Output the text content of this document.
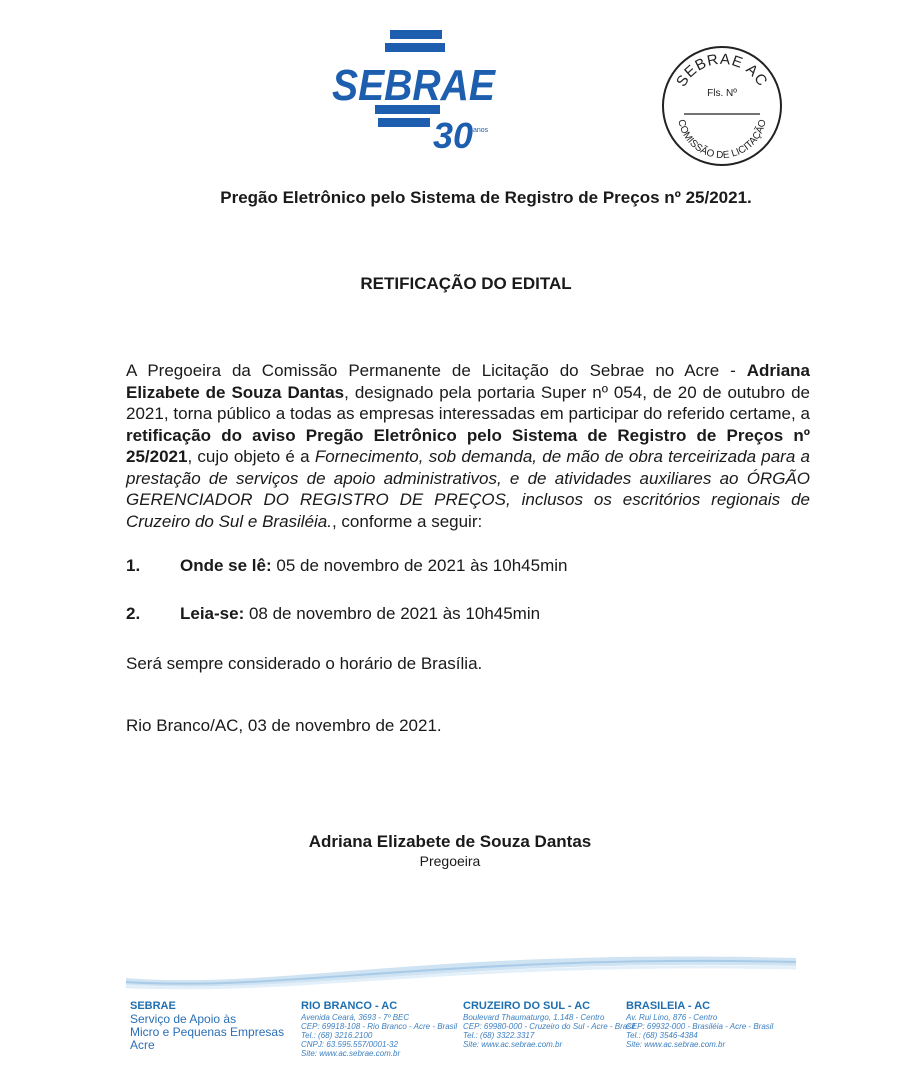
SEBRAE
30 anos
SEBRAE AC
Fls. Nº
COMISSÃO DE LICITAÇÃO
Pregão Eletrônico pelo Sistema de Registro de Preços nº 25/2021.
RETIFICAÇÃO DO EDITAL
A Pregoeira da Comissão Permanente de Licitação do Sebrae no Acre - Adriana Elizabete de Souza Dantas, designado pela portaria Super nº 054, de 20 de outubro de 2021, torna público a todas as empresas interessadas em participar do referido certame, a retificação do aviso Pregão Eletrônico pelo Sistema de Registro de Preços nº 25/2021, cujo objeto é a Fornecimento, sob demanda, de mão de obra terceirizada para a prestação de serviços de apoio administrativos, e de atividades auxiliares ao ÓRGÃO GERENCIADOR DO REGISTRO DE PREÇOS, inclusos os escritórios regionais de Cruzeiro do Sul e Brasiléia., conforme a seguir:
1. Onde se lê: 05 de novembro de 2021 às 10h45min
2. Leia-se: 08 de novembro de 2021 às 10h45min
Será sempre considerado o horário de Brasília.
Rio Branco/AC, 03 de novembro de 2021.
Adriana Elizabete de Souza Dantas
Pregoeira
SEBRAE
Serviço de Apoio às
Micro e Pequenas Empresas
Acre
RIO BRANCO - AC
Avenida Ceará, 3693 - 7º BEC
CEP: 69918-108 - Rio Branco - Acre - Brasil
Tel.: (68) 3216.2100
CNPJ: 63.595.557/0001-32
Site: www.ac.sebrae.com.br
CRUZEIRO DO SUL - AC
Boulevard Thaumaturgo, 1.148 - Centro
CEP: 69980-000 - Cruzeiro do Sul - Acre - Brasil
Tel.: (68) 3322.3317
Site: www.ac.sebrae.com.br
BRASILEIA - AC
Av. Rui Lino, 876 - Centro
CEP: 69932-000 - Brasiléia - Acre - Brasil
Tel.: (68) 3546-4384
Site: www.ac.sebrae.com.br
